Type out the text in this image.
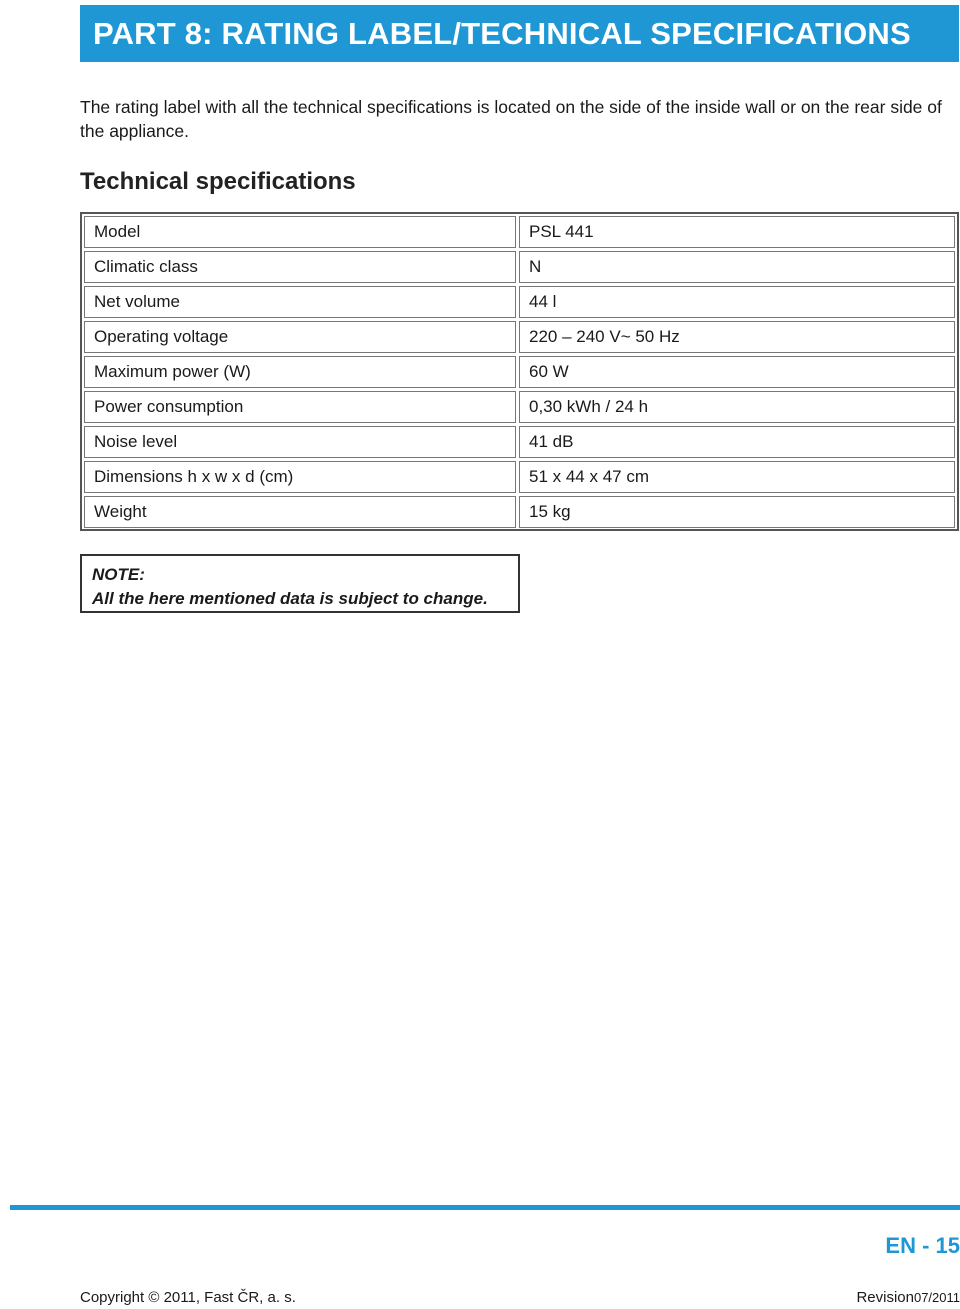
PART 8: RATING LABEL/TECHNICAL SPECIFICATIONS

The rating label with all the technical specifications is located on the side of the inside wall or on the rear side of the appliance.

Technical specifications
Model	PSL 441
Climatic class	N
Net volume	44 l
Operating voltage	220 – 240 V~ 50 Hz
Maximum power (W)	60 W
Power consumption	0,30 kWh / 24 h
Noise level	41 dB
Dimensions h x w x d (cm)	51 x 44 x 47 cm
Weight	15 kg
NOTE:
All the here mentioned data is subject to change.
EN - 15
Copyright © 2011, Fast ČR, a. s.	Revision07/2011
